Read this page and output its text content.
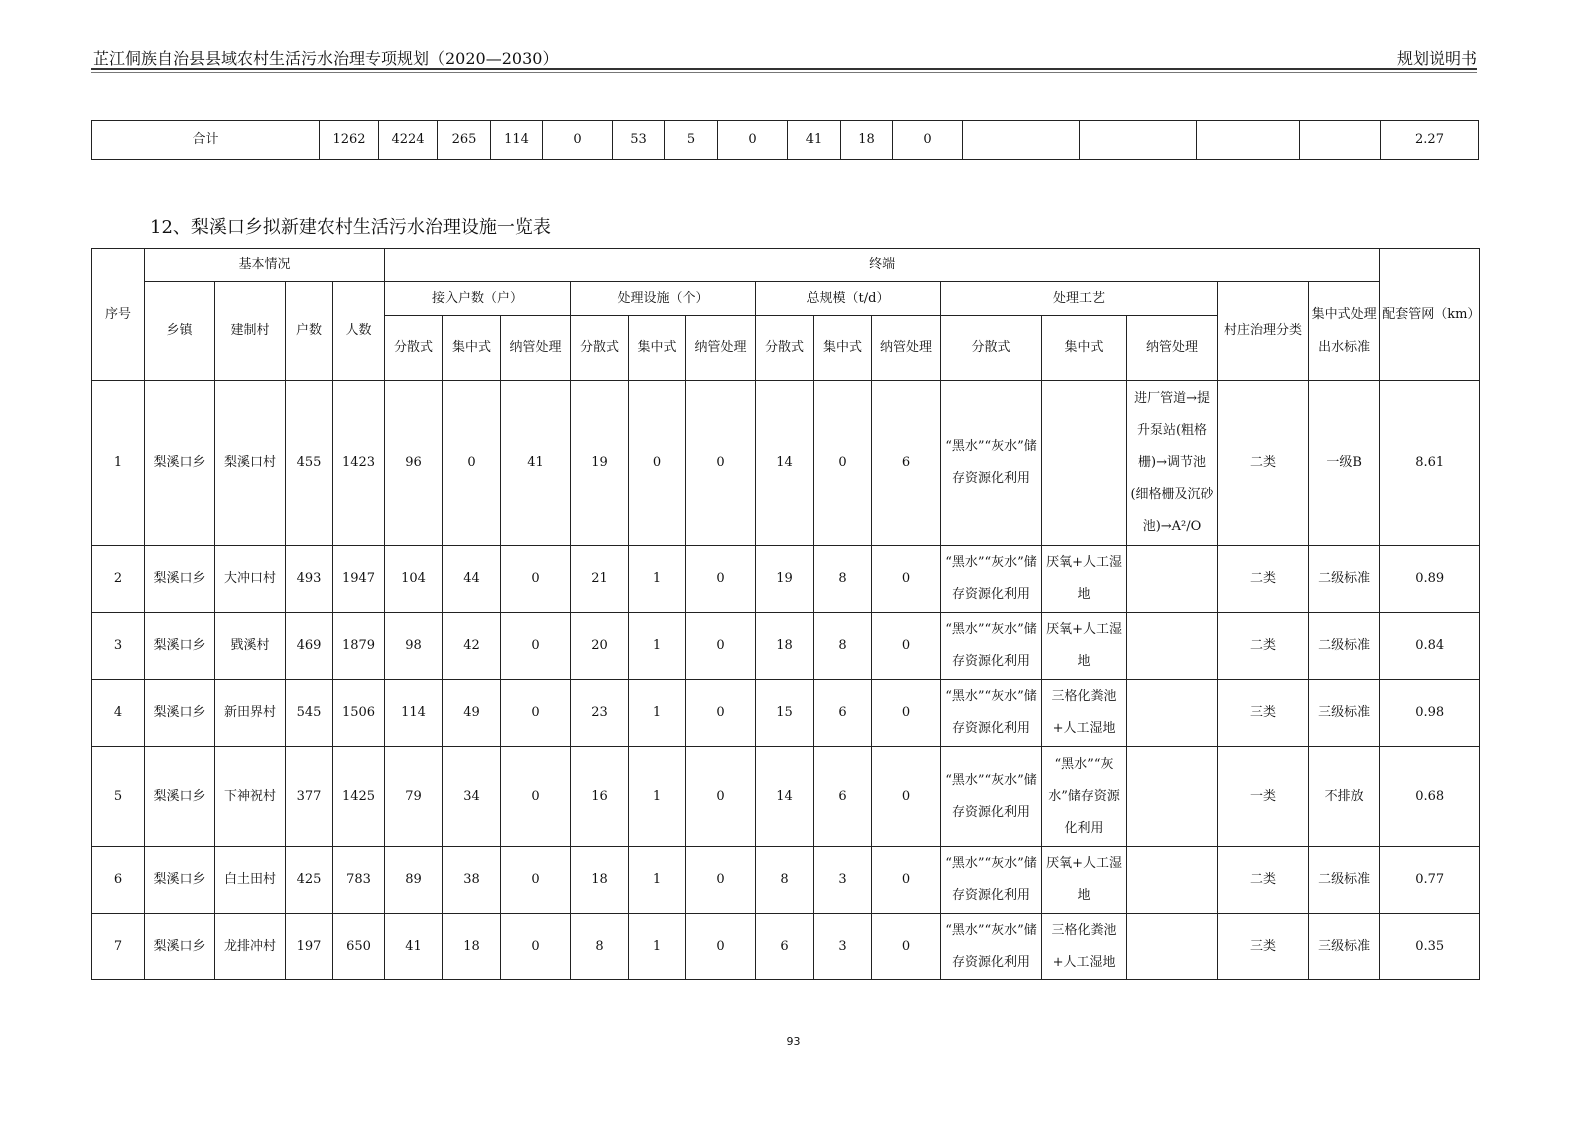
芷江侗族自治县县域农村生活污水治理专项规划（2020—2030）	规划说明书
合计	1262	4224	265	114	0	53	5	0	41	18	0					2.27
12、梨溪口乡拟新建农村生活污水治理设施一览表
序号	基本情况				终端														配套管网（km）
	乡镇	建制村	户数	人数	接入户数（户）			处理设施（个）			总规模（t/d）			处理工艺			村庄治理分类	集中式处理出水标准	
					分散式	集中式	纳管处理	分散式	集中式	纳管处理	分散式	集中式	纳管处理	分散式	集中式	纳管处理			
1	梨溪口乡	梨溪口村	455	1423	96	0	41	19	0	0	14	0	6	“黑水”“灰水”储存资源化利用		进厂管道→提升泵站(粗格栅)→调节池(细格栅及沉砂池)→A²/O	二类	一级B	8.61
2	梨溪口乡	大冲口村	493	1947	104	44	0	21	1	0	19	8	0	“黑水”“灰水”储存资源化利用	厌氧+人工湿地		二类	二级标准	0.89
3	梨溪口乡	戥溪村	469	1879	98	42	0	20	1	0	18	8	0	“黑水”“灰水”储存资源化利用	厌氧+人工湿地		二类	二级标准	0.84
4	梨溪口乡	新田界村	545	1506	114	49	0	23	1	0	15	6	0	“黑水”“灰水”储存资源化利用	三格化粪池+人工湿地		三类	三级标准	0.98
5	梨溪口乡	下神祝村	377	1425	79	34	0	16	1	0	14	6	0	“黑水”“灰水”储存资源化利用	“黑水”“灰水”储存资源化利用		一类	不排放	0.68
6	梨溪口乡	白土田村	425	783	89	38	0	18	1	0	8	3	0	“黑水”“灰水”储存资源化利用	厌氧+人工湿地		二类	二级标准	0.77
7	梨溪口乡	龙排冲村	197	650	41	18	0	8	1	0	6	3	0	“黑水”“灰水”储存资源化利用	三格化粪池+人工湿地		三类	三级标准	0.35
93
